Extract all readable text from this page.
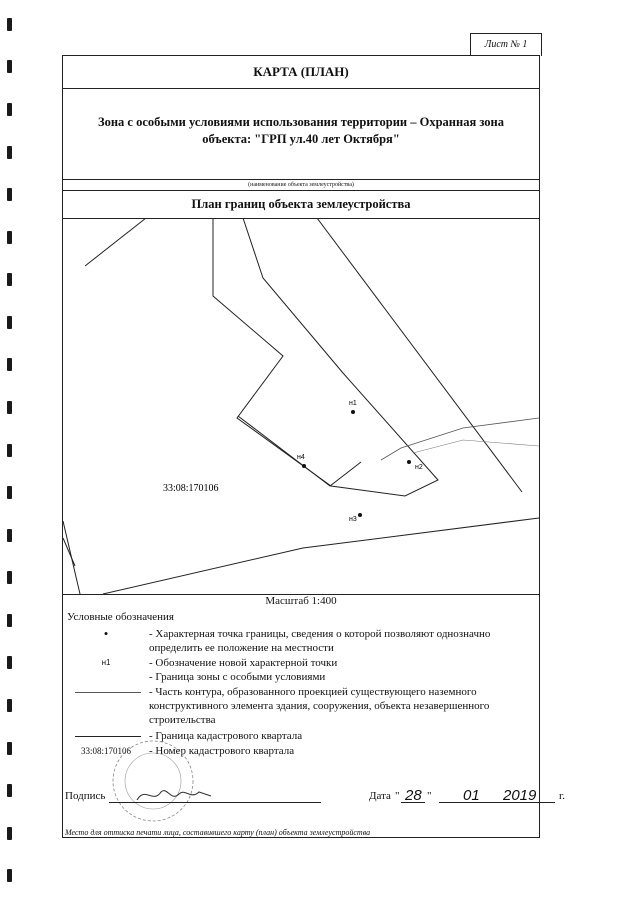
Лист № 1
КАРТА (ПЛАН)
Зона с особыми условиями использования территории – Охранная зона объекта: "ГРП ул.40 лет Октября"
(наименование объекта землеустройства)
План границ объекта землеустройства
н1
н2
н3
н4
33:08:170106
Масштаб 1:400
Условные обозначения
•	- Характерная точка границы, сведения о которой позволяют однозначно определить ее положение на местности
н1	- Обозначение новой характерной точки
- Граница зоны с особыми условиями
- Часть контура, образованного проекцией существующего наземного конструктивного элемента здания, сооружения, объекта незавершенного строительства
- Граница кадастрового квартала
33:08:170106	- Номер кадастрового квартала
Подпись	Дата " 28 " 01 2019 г.
Место для оттиска печати лица, составившего карту (план) объекта землеустройства
